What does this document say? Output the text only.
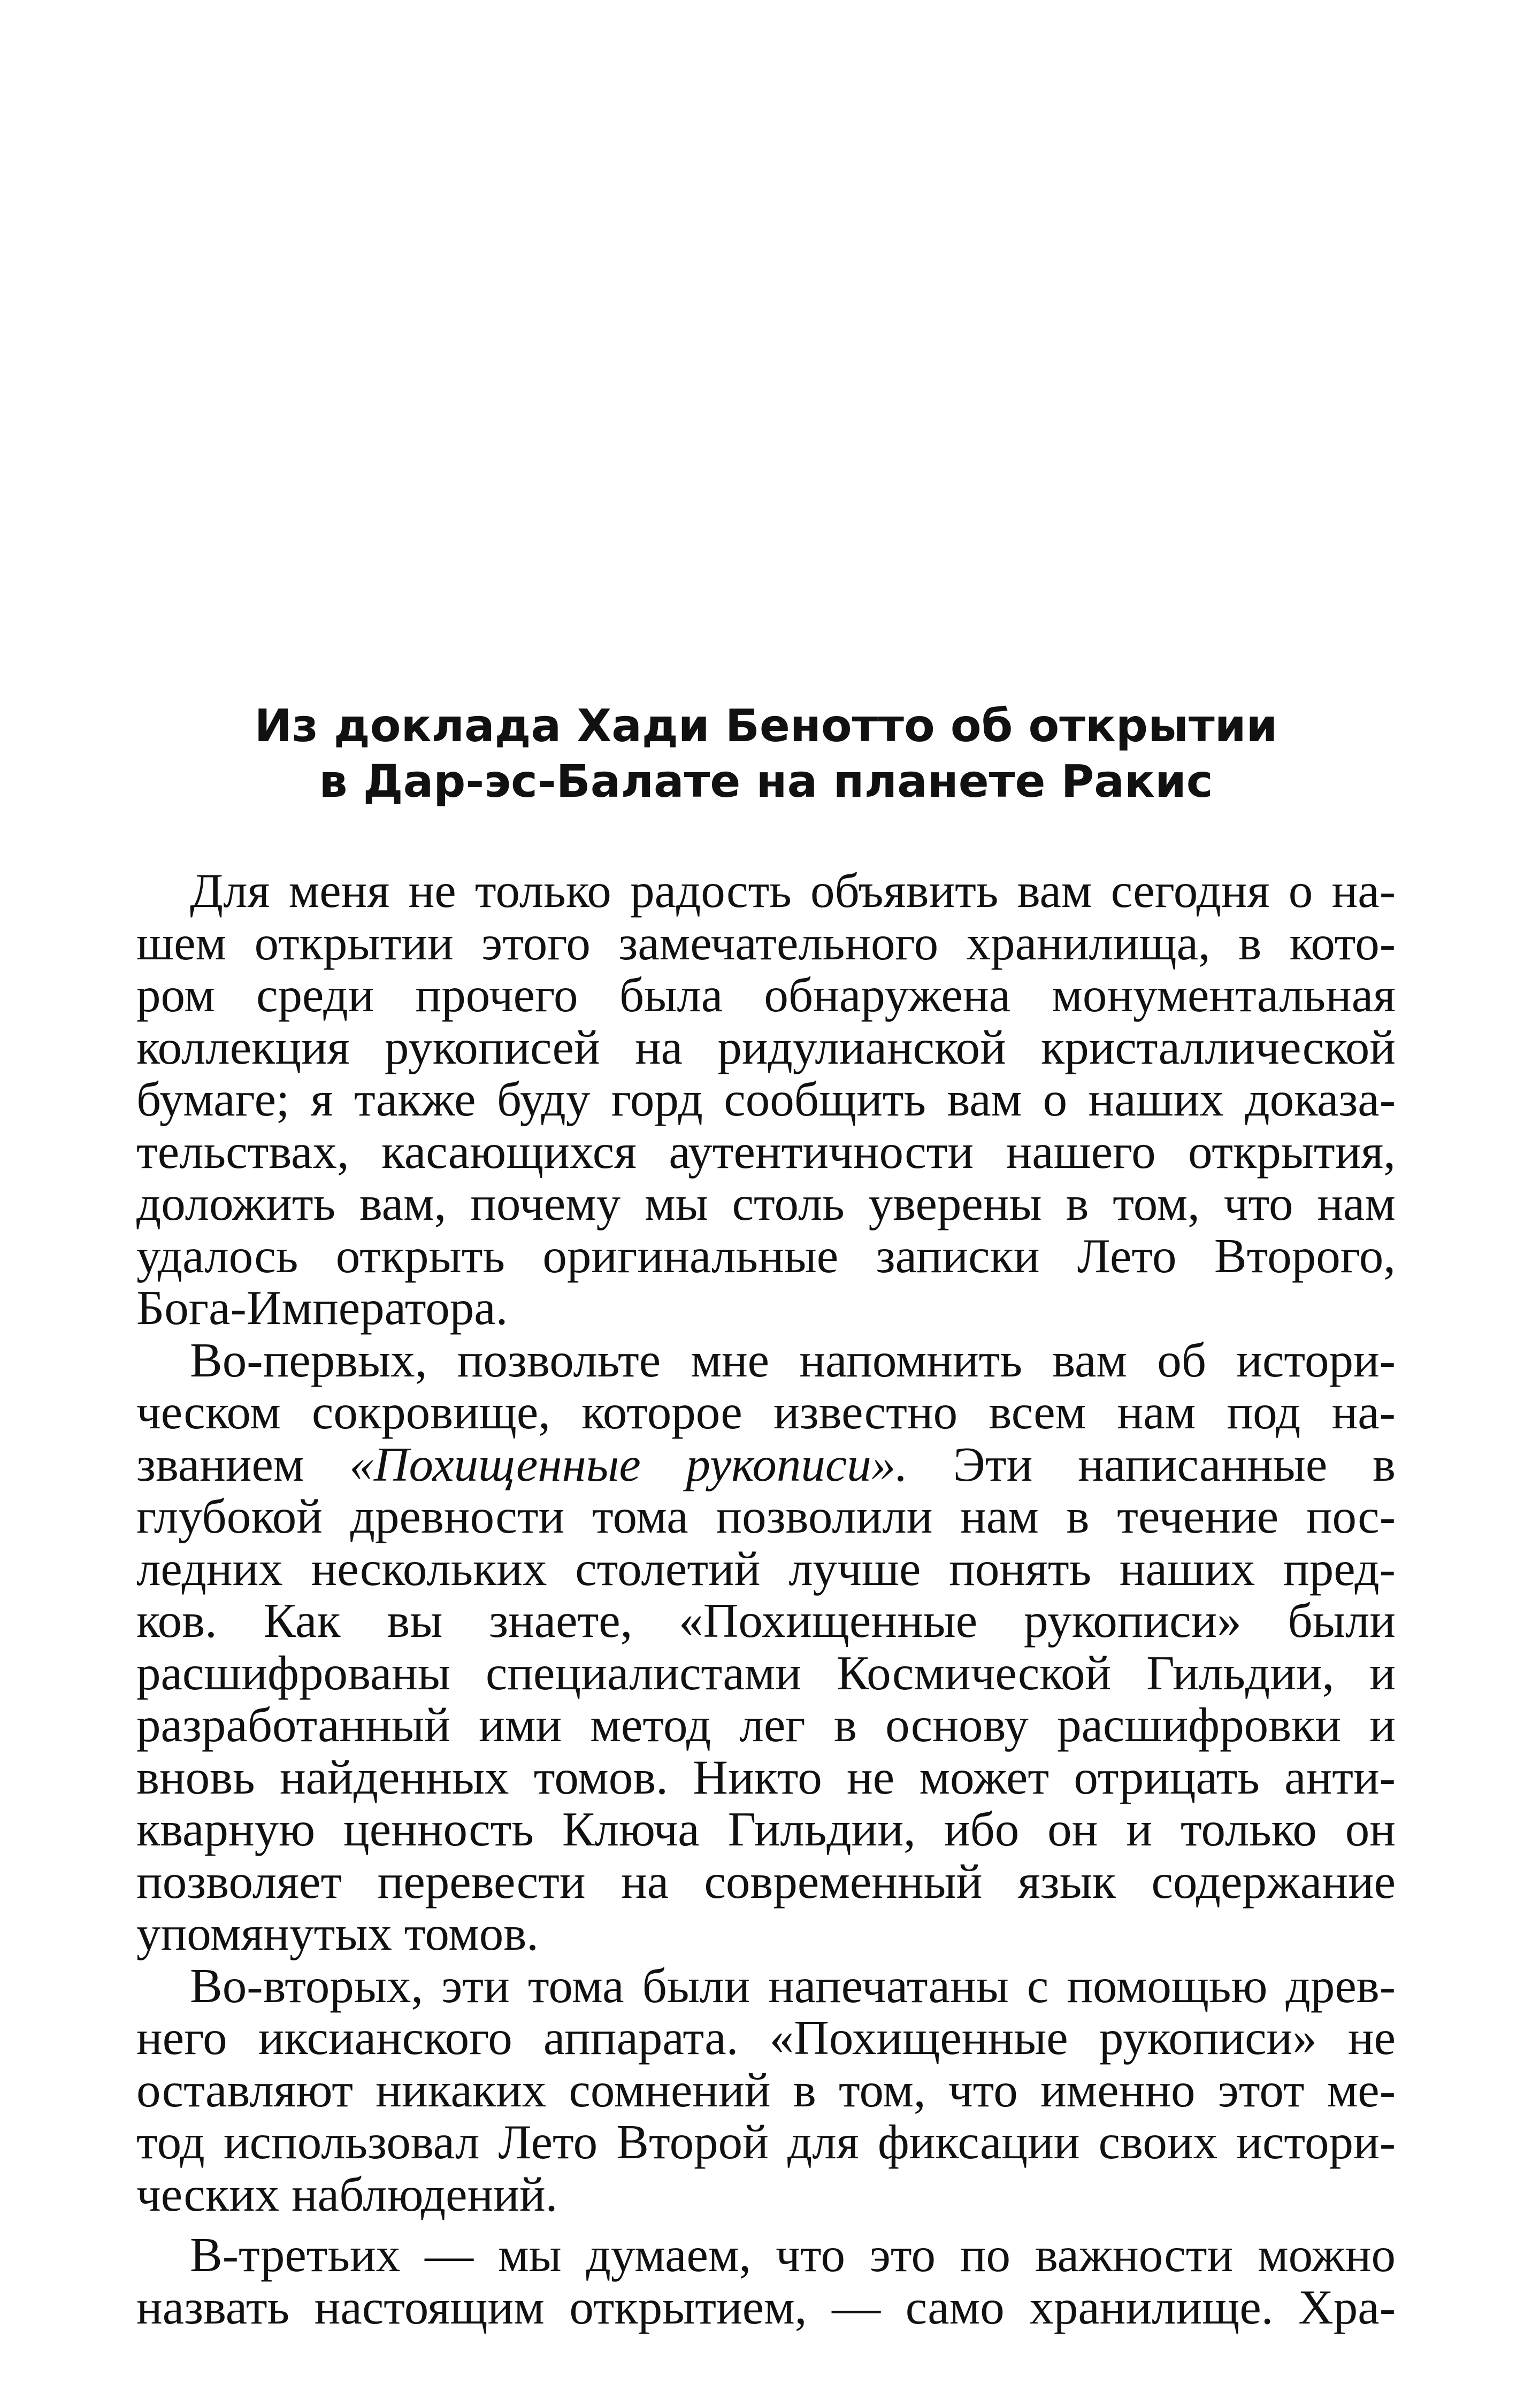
Из доклада Хади Бенотто об открытии
в Дар-эс-Балате на планете Ракис
Для меня не только радость объявить вам сегодня о на-
шем открытии этого замечательного хранилища, в кото-
ром среди прочего была обнаружена монументальная
коллекция рукописей на ридулианской кристаллической
бумаге; я также буду горд сообщить вам о наших доказа-
тельствах, касающихся аутентичности нашего открытия,
доложить вам, почему мы столь уверены в том, что нам
удалось открыть оригинальные записки Лето Второго,
Бога-Императора.
Во-первых, позвольте мне напомнить вам об истори-
ческом сокровище, которое известно всем нам под на-
званием «Похищенные рукописи». Эти написанные в
глубокой древности тома позволили нам в течение пос-
ледних нескольких столетий лучше понять наших пред-
ков. Как вы знаете, «Похищенные рукописи» были
расшифрованы специалистами Космической Гильдии, и
разработанный ими метод лег в основу расшифровки и
вновь найденных томов. Никто не может отрицать анти-
кварную ценность Ключа Гильдии, ибо он и только он
позволяет перевести на современный язык содержание
упомянутых томов.
Во-вторых, эти тома были напечатаны с помощью древ-
него иксианского аппарата. «Похищенные рукописи» не
оставляют никаких сомнений в том, что именно этот ме-
тод использовал Лето Второй для фиксации своих истори-
ческих наблюдений.
В-третьих — мы думаем, что это по важности можно
назвать настоящим открытием, — само хранилище. Хра-
